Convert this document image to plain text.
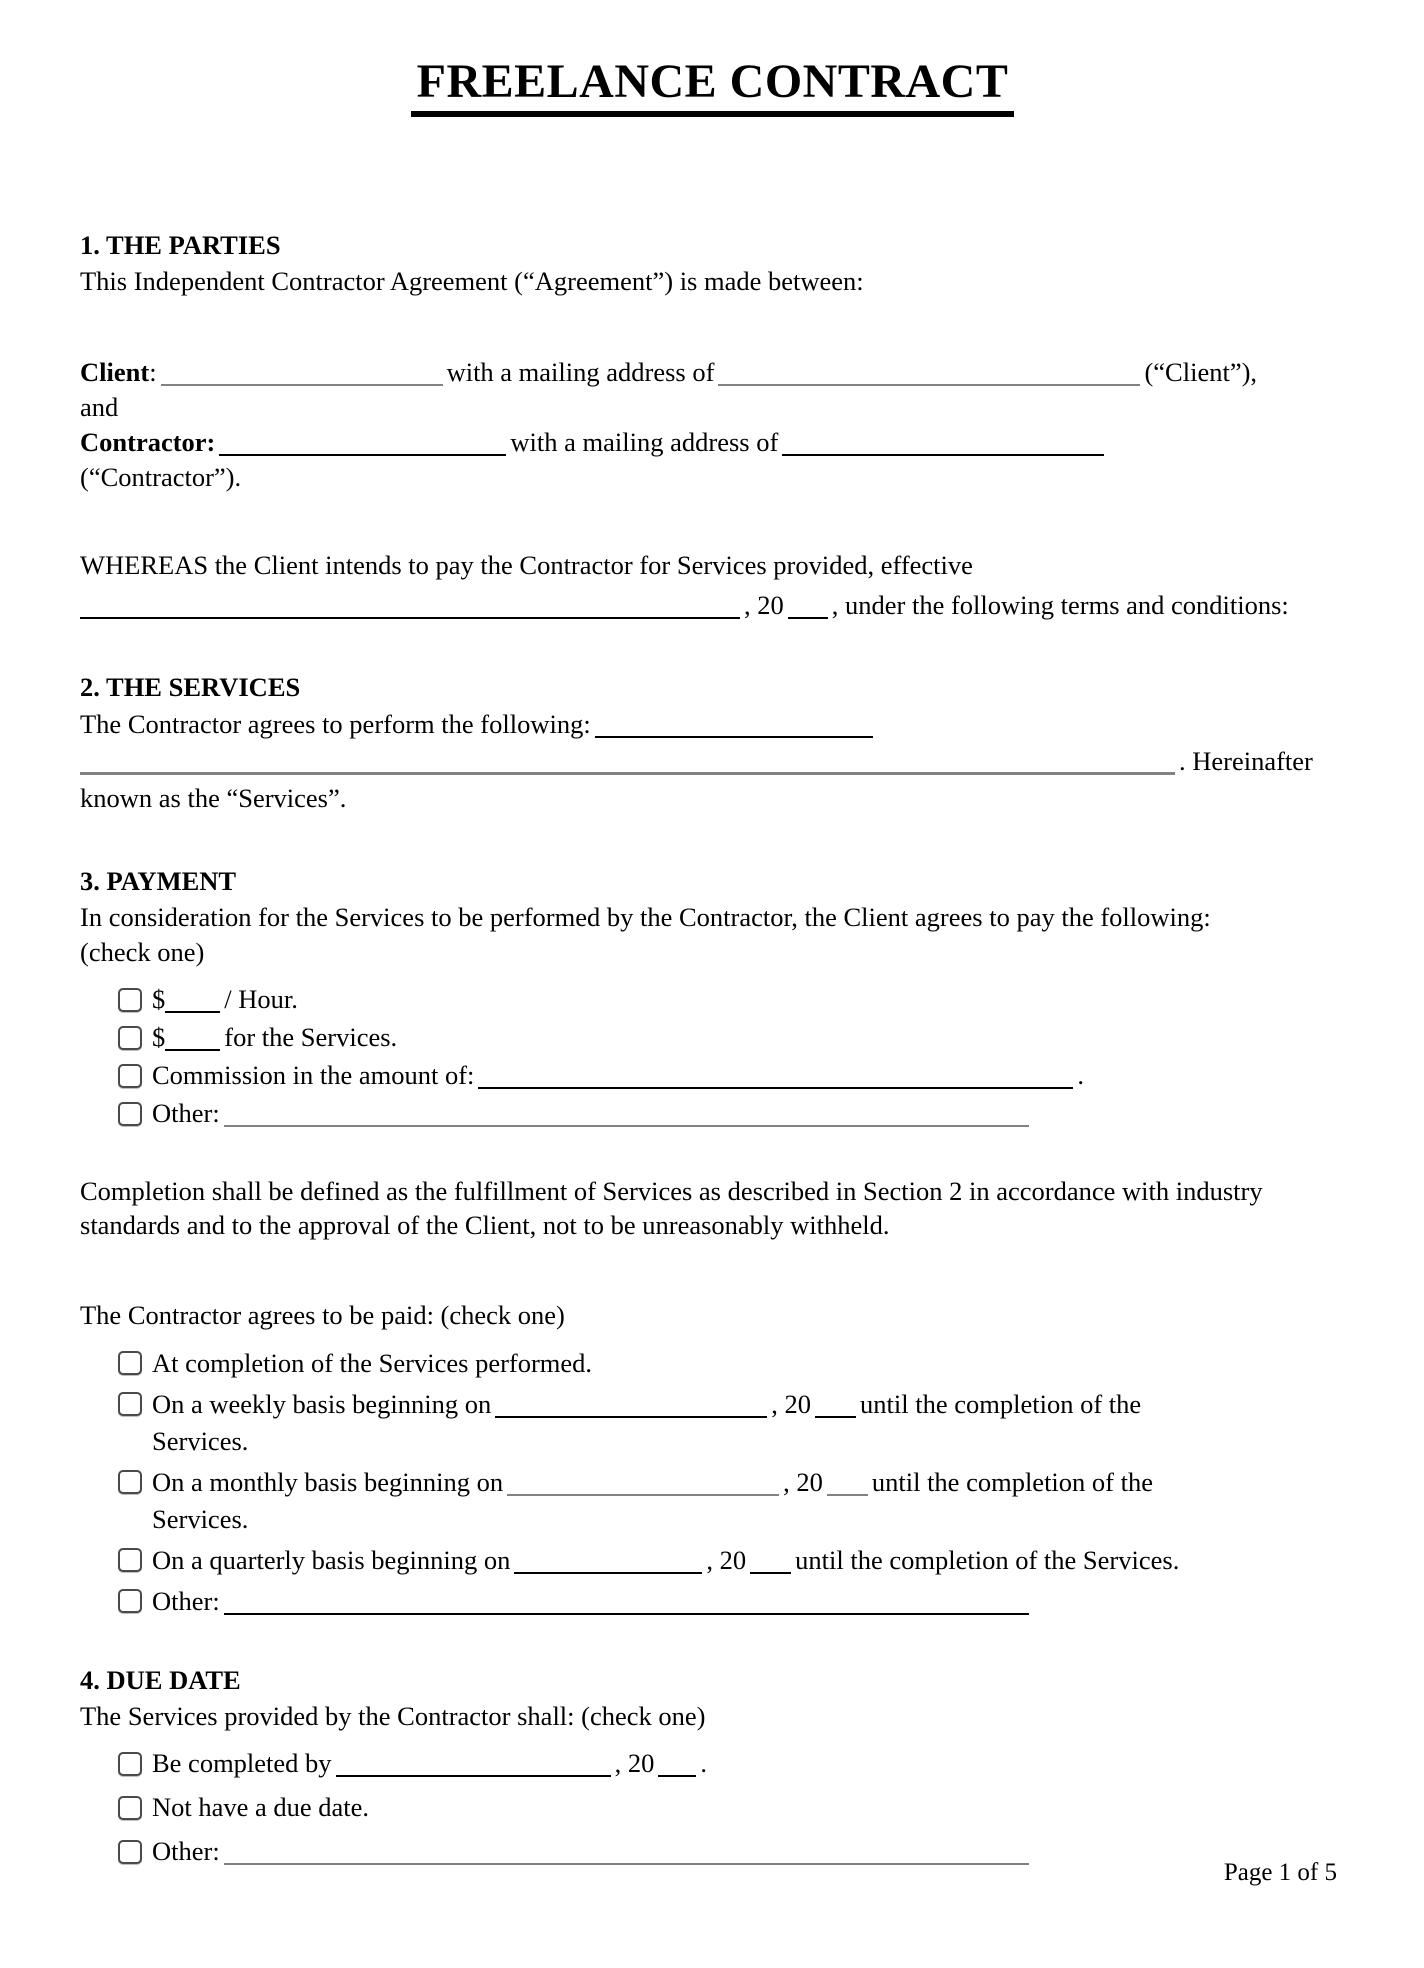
FREELANCE CONTRACT
1. THE PARTIES

This Independent Contractor Agreement (“Agreement”) is made between:

Client:	with a mailing address of	(“Client”),
and
Contractor:	with a mailing address of
(“Contractor”).

WHEREAS the Client intends to pay the Contractor for Services provided, effective
, 20 , under the following terms and conditions:

2. THE SERVICES

The Contractor agrees to perform the following:
. Hereinafter
known as the “Services”.

3. PAYMENT

In consideration for the Services to be performed by the Contractor, the Client agrees to pay the following:

(check one)

$ / Hour.
$ for the Services.
Commission in the amount of:	.
Other:

Completion shall be defined as the fulfillment of Services as described in Section 2 in accordance with industry standards and to the approval of the Client, not to be unreasonably withheld.

The Contractor agrees to be paid: (check one)

At completion of the Services performed.
On a weekly basis beginning on	, 20 until the completion of the
Services.
On a monthly basis beginning on	, 20 until the completion of the
Services.
On a quarterly basis beginning on	, 20 until the completion of the Services.
Other:
4. DUE DATE

The Services provided by the Contractor shall: (check one)

Be completed by	, 20 .
Not have a due date.
Other:
Page 1 of 5
